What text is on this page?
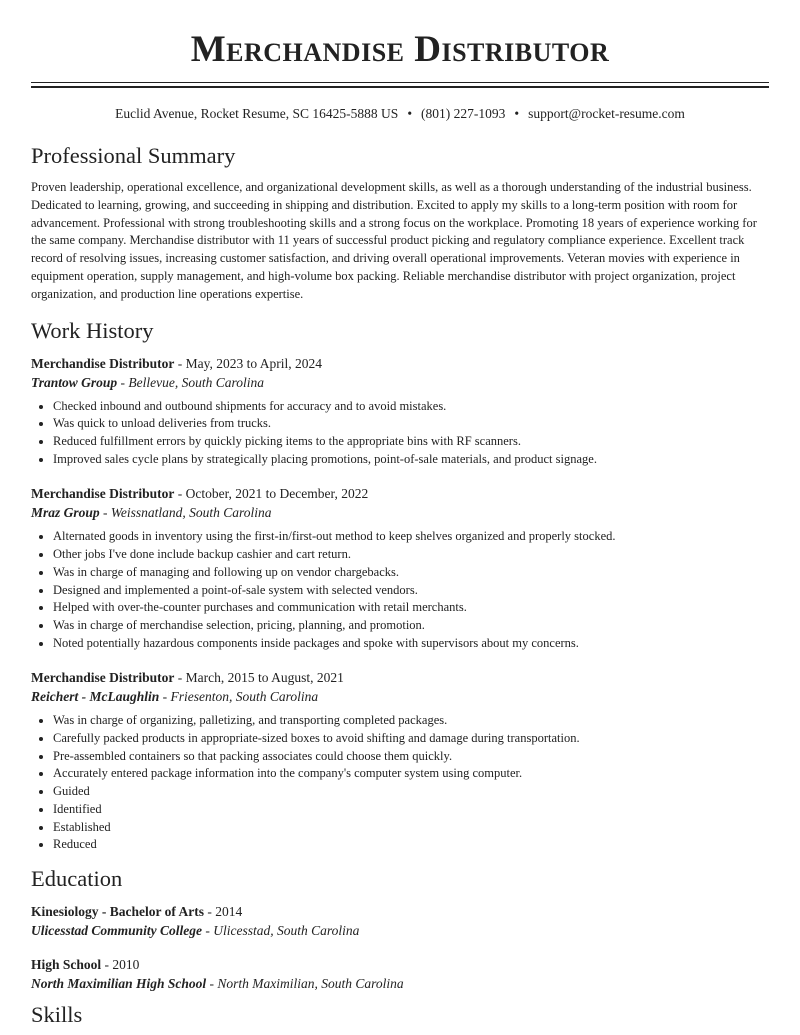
Merchandise Distributor
Euclid Avenue, Rocket Resume, SC 16425-5888 US • (801) 227-1093 • support@rocket-resume.com
Professional Summary

Proven leadership, operational excellence, and organizational development skills, as well as a thorough understanding of the industrial business. Dedicated to learning, growing, and succeeding in shipping and distribution. Excited to apply my skills to a long-term position with room for advancement. Professional with strong troubleshooting skills and a strong focus on the workplace. Promoting 18 years of experience working for the same company. Merchandise distributor with 11 years of successful product picking and regulatory compliance experience. Excellent track record of resolving issues, increasing customer satisfaction, and driving overall operational improvements. Veteran movies with experience in equipment operation, supply management, and high-volume box packing. Reliable merchandise distributor with project organization, project organization, and production line operations expertise.

Work History
Merchandise Distributor - May, 2023 to April, 2024
Trantow Group - Bellevue, South Carolina
• Checked inbound and outbound shipments for accuracy and to avoid mistakes.
• Was quick to unload deliveries from trucks.
• Reduced fulfillment errors by quickly picking items to the appropriate bins with RF scanners.
• Improved sales cycle plans by strategically placing promotions, point-of-sale materials, and product signage.
Merchandise Distributor - October, 2021 to December, 2022
Mraz Group - Weissnatland, South Carolina
• Alternated goods in inventory using the first-in/first-out method to keep shelves organized and properly stocked.
• Other jobs I've done include backup cashier and cart return.
• Was in charge of managing and following up on vendor chargebacks.
• Designed and implemented a point-of-sale system with selected vendors.
• Helped with over-the-counter purchases and communication with retail merchants.
• Was in charge of merchandise selection, pricing, planning, and promotion.
• Noted potentially hazardous components inside packages and spoke with supervisors about my concerns.
Merchandise Distributor - March, 2015 to August, 2021
Reichert - McLaughlin - Friesenton, South Carolina
• Was in charge of organizing, palletizing, and transporting completed packages.
• Carefully packed products in appropriate-sized boxes to avoid shifting and damage during transportation.
• Pre-assembled containers so that packing associates could choose them quickly.
• Accurately entered package information into the company's computer system using computer.
• Guided
• Identified
• Established
• Reduced
Education
Kinesiology - Bachelor of Arts - 2014
Ulicesstad Community College - Ulicesstad, South Carolina
High School - 2010
North Maximilian High School - North Maximilian, South Carolina
Skills
